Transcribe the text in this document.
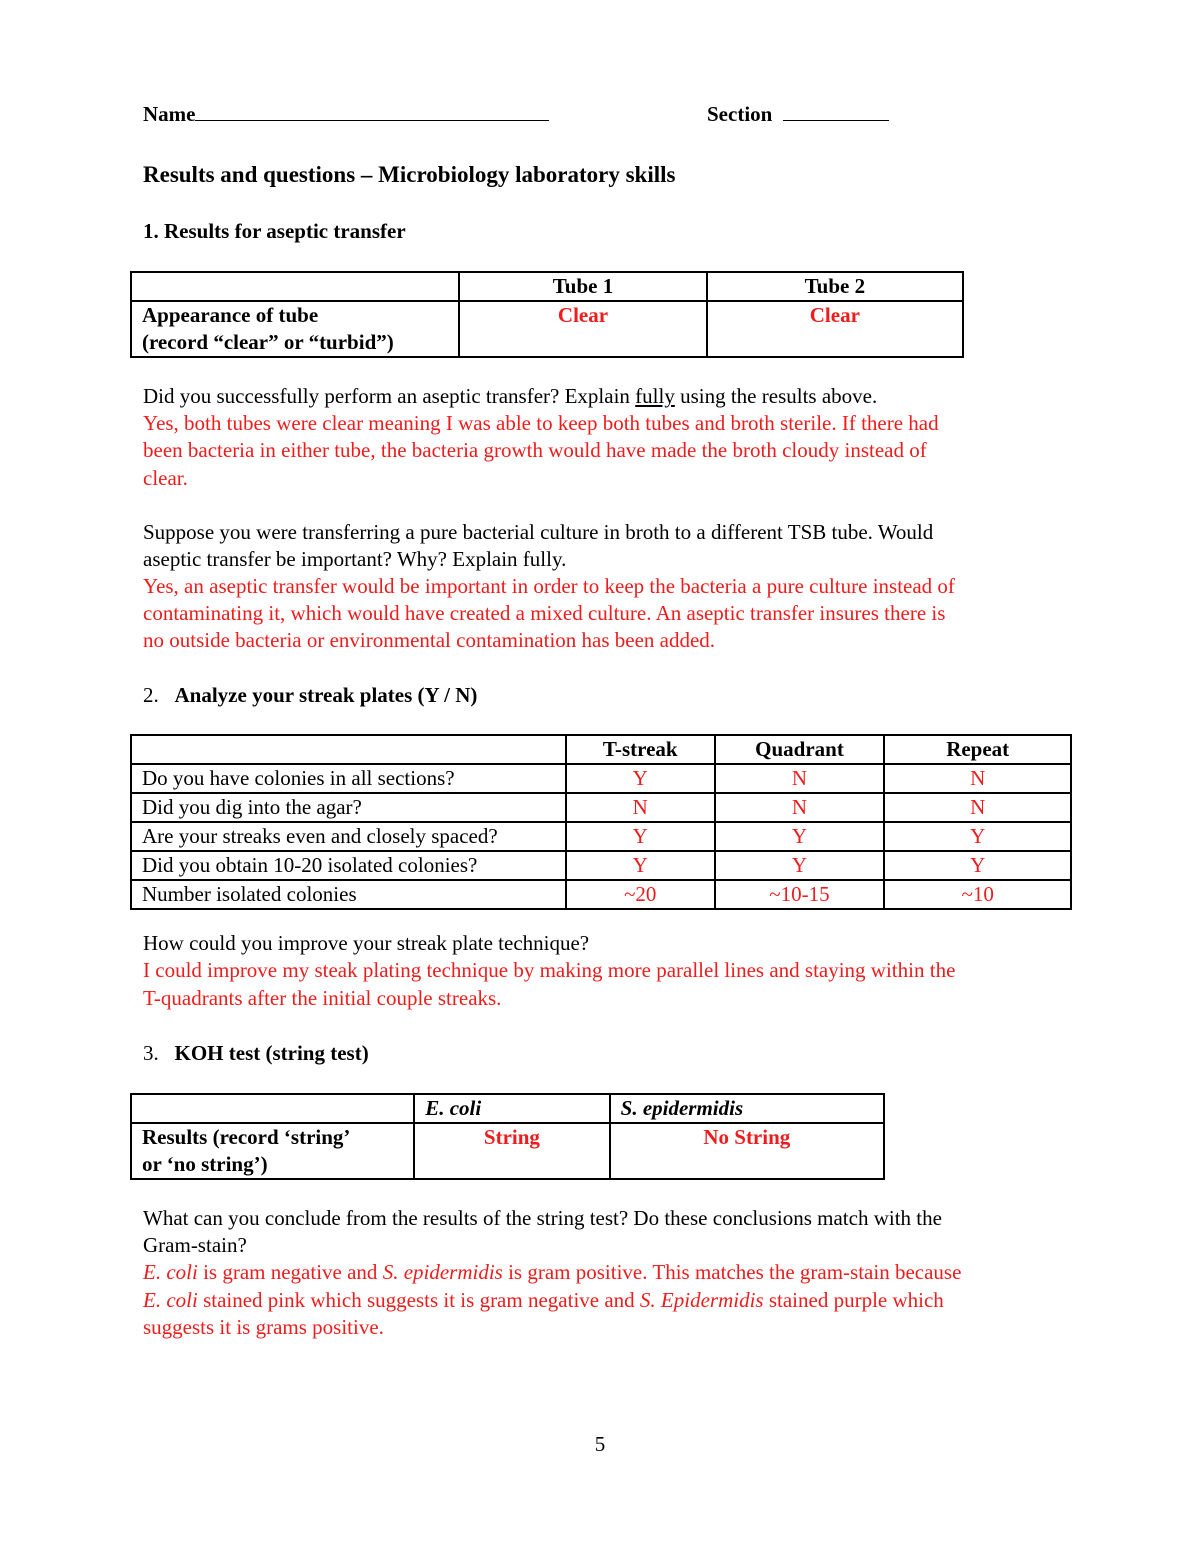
Name	Section
Results and questions – Microbiology laboratory skills
1. Results for aseptic transfer
	Tube 1	Tube 2

Appearance of tube
(record “clear” or “turbid”)	Clear	Clear
Did you successfully perform an aseptic transfer? Explain fully using the results above.
Yes, both tubes were clear meaning I was able to keep both tubes and broth sterile. If there had
been bacteria in either tube, the bacteria growth would have made the broth cloudy instead of
clear.
Suppose you were transferring a pure bacterial culture in broth to a different TSB tube. Would
aseptic transfer be important? Why? Explain fully.
Yes, an aseptic transfer would be important in order to keep the bacteria a pure culture instead of
contaminating it, which would have created a mixed culture. An aseptic transfer insures there is
no outside bacteria or environmental contamination has been added.
2. Analyze your streak plates (Y / N)
	T-streak	Quadrant	Repeat
Do you have colonies in all sections?	Y	N	N
Did you dig into the agar?	N	N	N
Are your streaks even and closely spaced?	Y	Y	Y
Did you obtain 10-20 isolated colonies?	Y	Y	Y
Number isolated colonies	~20	~10-15	~10
How could you improve your streak plate technique?
I could improve my steak plating technique by making more parallel lines and staying within the
T-quadrants after the initial couple streaks.
3. KOH test (string test)
	E. coli	S. epidermidis

Results (record ‘string’
or ‘no string’)	String	No String
What can you conclude from the results of the string test? Do these conclusions match with the
Gram-stain?
E. coli is gram negative and S. epidermidis is gram positive. This matches the gram-stain because
E. coli stained pink which suggests it is gram negative and S. Epidermidis stained purple which
suggests it is grams positive.
5
